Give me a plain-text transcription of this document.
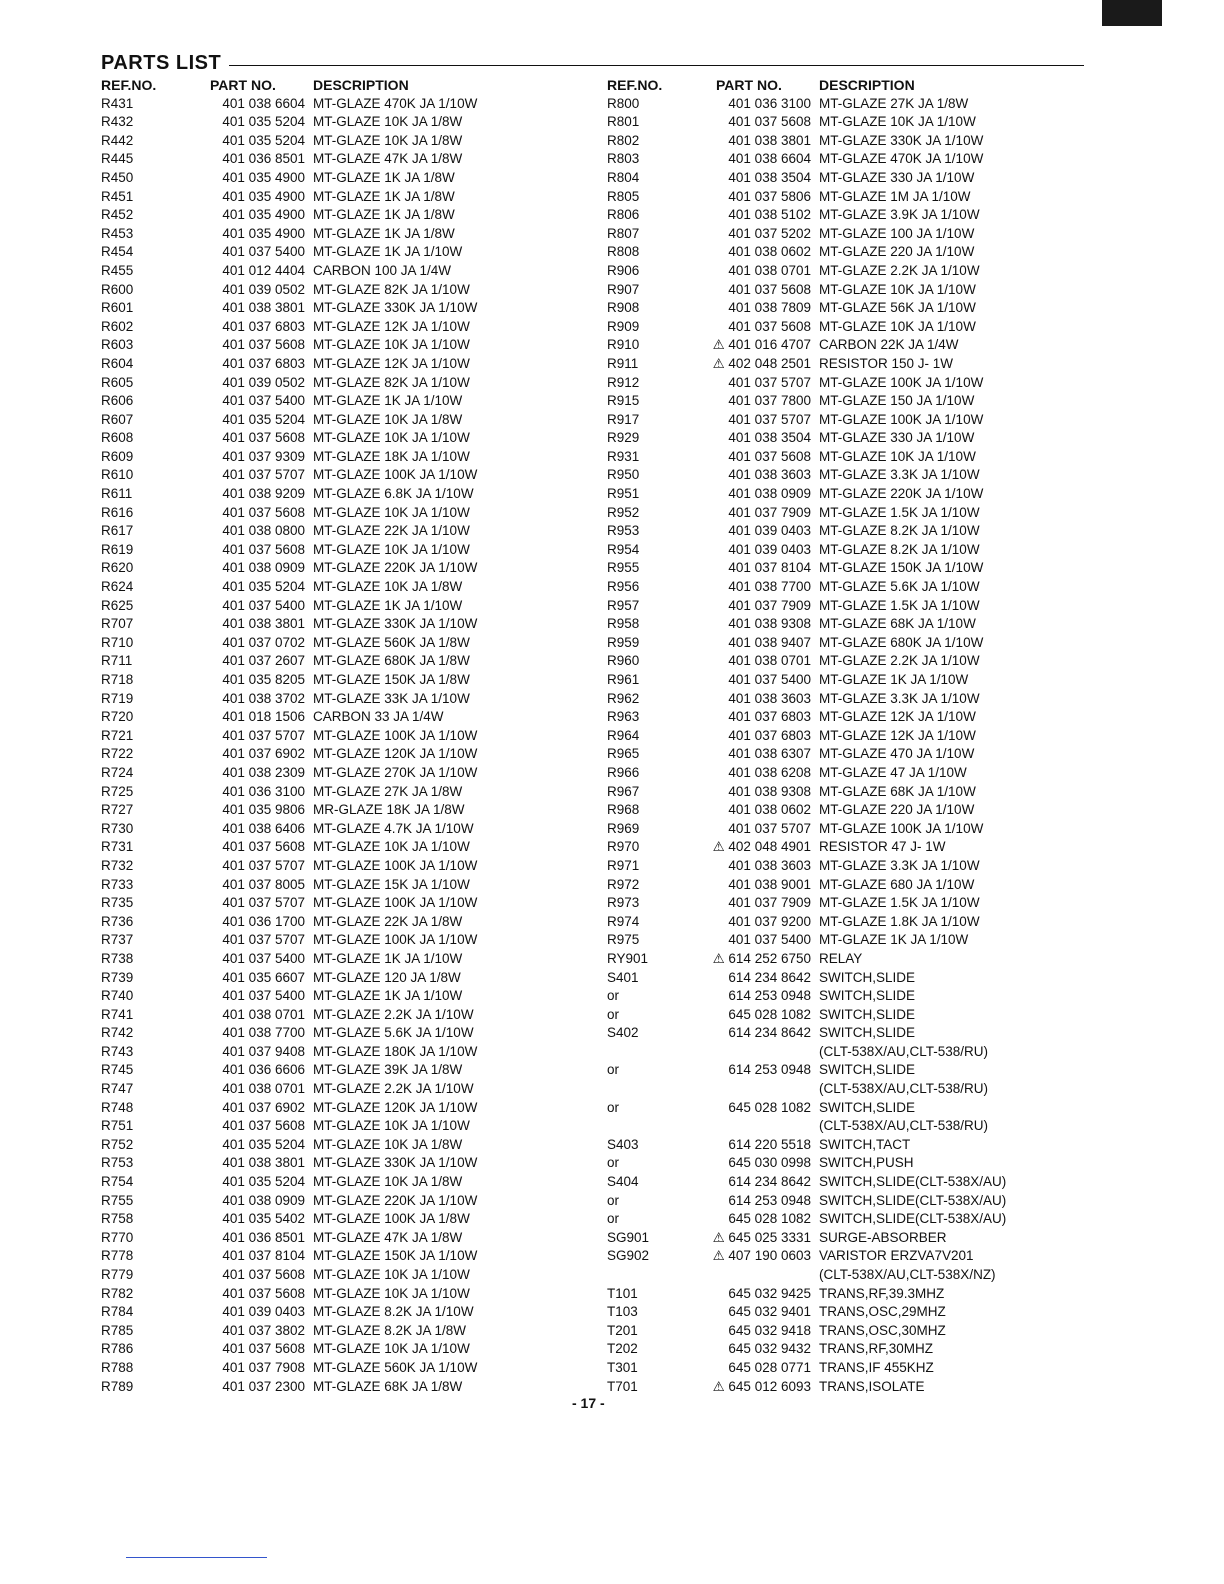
PARTS LIST
REF.NO.	PART NO.	DESCRIPTION
R431	401 038 6604 MT-GLAZE 470K JA 1/10W
R432	401 035 5204 MT-GLAZE 10K JA 1/8W
R442	401 035 5204 MT-GLAZE 10K JA 1/8W
R445	401 036 8501 MT-GLAZE 47K JA 1/8W
R450	401 035 4900 MT-GLAZE 1K JA 1/8W
R451	401 035 4900 MT-GLAZE 1K JA 1/8W
R452	401 035 4900 MT-GLAZE 1K JA 1/8W
R453	401 035 4900 MT-GLAZE 1K JA 1/8W
R454	401 037 5400 MT-GLAZE 1K JA 1/10W
R455	401 012 4404 CARBON 100 JA 1/4W
R600	401 039 0502 MT-GLAZE 82K JA 1/10W
R601	401 038 3801 MT-GLAZE 330K JA 1/10W
R602	401 037 6803 MT-GLAZE 12K JA 1/10W
R603	401 037 5608 MT-GLAZE 10K JA 1/10W
R604	401 037 6803 MT-GLAZE 12K JA 1/10W
R605	401 039 0502 MT-GLAZE 82K JA 1/10W
R606	401 037 5400 MT-GLAZE 1K JA 1/10W
R607	401 035 5204 MT-GLAZE 10K JA 1/8W
R608	401 037 5608 MT-GLAZE 10K JA 1/10W
R609	401 037 9309 MT-GLAZE 18K JA 1/10W
R610	401 037 5707 MT-GLAZE 100K JA 1/10W
R611	401 038 9209 MT-GLAZE 6.8K JA 1/10W
R616	401 037 5608 MT-GLAZE 10K JA 1/10W
R617	401 038 0800 MT-GLAZE 22K JA 1/10W
R619	401 037 5608 MT-GLAZE 10K JA 1/10W
R620	401 038 0909 MT-GLAZE 220K JA 1/10W
R624	401 035 5204 MT-GLAZE 10K JA 1/8W
R625	401 037 5400 MT-GLAZE 1K JA 1/10W
R707	401 038 3801 MT-GLAZE 330K JA 1/10W
R710	401 037 0702 MT-GLAZE 560K JA 1/8W
R711	401 037 2607 MT-GLAZE 680K JA 1/8W
R718	401 035 8205 MT-GLAZE 150K JA 1/8W
R719	401 038 3702 MT-GLAZE 33K JA 1/10W
R720	401 018 1506 CARBON 33 JA 1/4W
R721	401 037 5707 MT-GLAZE 100K JA 1/10W
R722	401 037 6902 MT-GLAZE 120K JA 1/10W
R724	401 038 2309 MT-GLAZE 270K JA 1/10W
R725	401 036 3100 MT-GLAZE 27K JA 1/8W
R727	401 035 9806 MR-GLAZE 18K JA 1/8W
R730	401 038 6406 MT-GLAZE 4.7K JA 1/10W
R731	401 037 5608 MT-GLAZE 10K JA 1/10W
R732	401 037 5707 MT-GLAZE 100K JA 1/10W
R733	401 037 8005 MT-GLAZE 15K JA 1/10W
R735	401 037 5707 MT-GLAZE 100K JA 1/10W
R736	401 036 1700 MT-GLAZE 22K JA 1/8W
R737	401 037 5707 MT-GLAZE 100K JA 1/10W
R738	401 037 5400 MT-GLAZE 1K JA 1/10W
R739	401 035 6607 MT-GLAZE 120 JA 1/8W
R740	401 037 5400 MT-GLAZE 1K JA 1/10W
R741	401 038 0701 MT-GLAZE 2.2K JA 1/10W
R742	401 038 7700 MT-GLAZE 5.6K JA 1/10W
R743	401 037 9408 MT-GLAZE 180K JA 1/10W
R745	401 036 6606 MT-GLAZE 39K JA 1/8W
R747	401 038 0701 MT-GLAZE 2.2K JA 1/10W
R748	401 037 6902 MT-GLAZE 120K JA 1/10W
R751	401 037 5608 MT-GLAZE 10K JA 1/10W
R752	401 035 5204 MT-GLAZE 10K JA 1/8W
R753	401 038 3801 MT-GLAZE 330K JA 1/10W
R754	401 035 5204 MT-GLAZE 10K JA 1/8W
R755	401 038 0909 MT-GLAZE 220K JA 1/10W
R758	401 035 5402 MT-GLAZE 100K JA 1/8W
R770	401 036 8501 MT-GLAZE 47K JA 1/8W
R778	401 037 8104 MT-GLAZE 150K JA 1/10W
R779	401 037 5608 MT-GLAZE 10K JA 1/10W
R782	401 037 5608 MT-GLAZE 10K JA 1/10W
R784	401 039 0403 MT-GLAZE 8.2K JA 1/10W
R785	401 037 3802 MT-GLAZE 8.2K JA 1/8W
R786	401 037 5608 MT-GLAZE 10K JA 1/10W
R788	401 037 7908 MT-GLAZE 560K JA 1/10W
R789	401 037 2300 MT-GLAZE 68K JA 1/8W
REF.NO.	PART NO.	DESCRIPTION
R800	401 036 3100 MT-GLAZE 27K JA 1/8W
R801	401 037 5608 MT-GLAZE 10K JA 1/10W
R802	401 038 3801 MT-GLAZE 330K JA 1/10W
R803	401 038 6604 MT-GLAZE 470K JA 1/10W
R804	401 038 3504 MT-GLAZE 330 JA 1/10W
R805	401 037 5806 MT-GLAZE 1M JA 1/10W
R806	401 038 5102 MT-GLAZE 3.9K JA 1/10W
R807	401 037 5202 MT-GLAZE 100 JA 1/10W
R808	401 038 0602 MT-GLAZE 220 JA 1/10W
R906	401 038 0701 MT-GLAZE 2.2K JA 1/10W
R907	401 037 5608 MT-GLAZE 10K JA 1/10W
R908	401 038 7809 MT-GLAZE 56K JA 1/10W
R909	401 037 5608 MT-GLAZE 10K JA 1/10W
R910	⚠ 401 016 4707 CARBON 22K JA 1/4W
R911	⚠ 402 048 2501 RESISTOR 150 J- 1W
R912	401 037 5707 MT-GLAZE 100K JA 1/10W
R915	401 037 7800 MT-GLAZE 150 JA 1/10W
R917	401 037 5707 MT-GLAZE 100K JA 1/10W
R929	401 038 3504 MT-GLAZE 330 JA 1/10W
R931	401 037 5608 MT-GLAZE 10K JA 1/10W
R950	401 038 3603 MT-GLAZE 3.3K JA 1/10W
R951	401 038 0909 MT-GLAZE 220K JA 1/10W
R952	401 037 7909 MT-GLAZE 1.5K JA 1/10W
R953	401 039 0403 MT-GLAZE 8.2K JA 1/10W
R954	401 039 0403 MT-GLAZE 8.2K JA 1/10W
R955	401 037 8104 MT-GLAZE 150K JA 1/10W
R956	401 038 7700 MT-GLAZE 5.6K JA 1/10W
R957	401 037 7909 MT-GLAZE 1.5K JA 1/10W
R958	401 038 9308 MT-GLAZE 68K JA 1/10W
R959	401 038 9407 MT-GLAZE 680K JA 1/10W
R960	401 038 0701 MT-GLAZE 2.2K JA 1/10W
R961	401 037 5400 MT-GLAZE 1K JA 1/10W
R962	401 038 3603 MT-GLAZE 3.3K JA 1/10W
R963	401 037 6803 MT-GLAZE 12K JA 1/10W
R964	401 037 6803 MT-GLAZE 12K JA 1/10W
R965	401 038 6307 MT-GLAZE 470 JA 1/10W
R966	401 038 6208 MT-GLAZE 47 JA 1/10W
R967	401 038 9308 MT-GLAZE 68K JA 1/10W
R968	401 038 0602 MT-GLAZE 220 JA 1/10W
R969	401 037 5707 MT-GLAZE 100K JA 1/10W
R970	⚠ 402 048 4901 RESISTOR 47 J- 1W
R971	401 038 3603 MT-GLAZE 3.3K JA 1/10W
R972	401 038 9001 MT-GLAZE 680 JA 1/10W
R973	401 037 7909 MT-GLAZE 1.5K JA 1/10W
R974	401 037 9200 MT-GLAZE 1.8K JA 1/10W
R975	401 037 5400 MT-GLAZE 1K JA 1/10W
RY901	⚠ 614 252 6750 RELAY
S401	614 234 8642 SWITCH,SLIDE
or	614 253 0948 SWITCH,SLIDE
or	645 028 1082 SWITCH,SLIDE
S402	614 234 8642 SWITCH,SLIDE
(CLT-538X/AU,CLT-538/RU)
or	614 253 0948 SWITCH,SLIDE
(CLT-538X/AU,CLT-538/RU)
or	645 028 1082 SWITCH,SLIDE
(CLT-538X/AU,CLT-538/RU)
S403	614 220 5518 SWITCH,TACT
or	645 030 0998 SWITCH,PUSH
S404	614 234 8642 SWITCH,SLIDE(CLT-538X/AU)
or	614 253 0948 SWITCH,SLIDE(CLT-538X/AU)
or	645 028 1082 SWITCH,SLIDE(CLT-538X/AU)
SG901	⚠ 645 025 3331 SURGE-ABSORBER
SG902	⚠ 407 190 0603 VARISTOR ERZVA7V201
(CLT-538X/AU,CLT-538X/NZ)
T101	645 032 9425 TRANS,RF,39.3MHZ
T103	645 032 9401 TRANS,OSC,29MHZ
T201	645 032 9418 TRANS,OSC,30MHZ
T202	645 032 9432 TRANS,RF,30MHZ
T301	645 028 0771 TRANS,IF 455KHZ
T701	⚠ 645 012 6093 TRANS,ISOLATE
- 17 -
